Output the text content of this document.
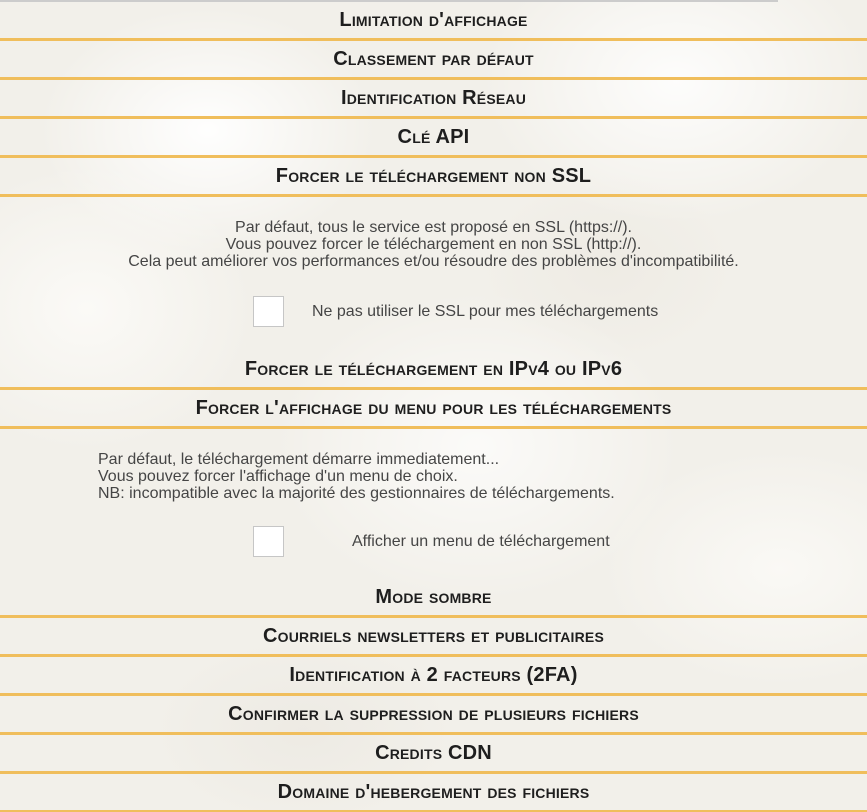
Limitation d'affichage
Classement par défaut
Identification Réseau
Clé API
Forcer le téléchargement non SSL

Par défaut, tous le service est proposé en SSL (https://).

Vous pouvez forcer le téléchargement en non SSL (http://).

Cela peut améliorer vos performances et/ou résoudre des problèmes d'incompatibilité.

Ne pas utiliser le SSL pour mes téléchargements
Forcer le téléchargement en IPv4 ou IPv6
Forcer l'affichage du menu pour les téléchargements

Par défaut, le téléchargement démarre immediatement...

Vous pouvez forcer l'affichage d'un menu de choix.

NB: incompatible avec la majorité des gestionnaires de téléchargements.

Afficher un menu de téléchargement
Mode sombre
Courriels newsletters et publicitaires
Identification à 2 facteurs (2FA)
Confirmer la suppression de plusieurs fichiers
Credits CDN
Domaine d'hebergement des fichiers
